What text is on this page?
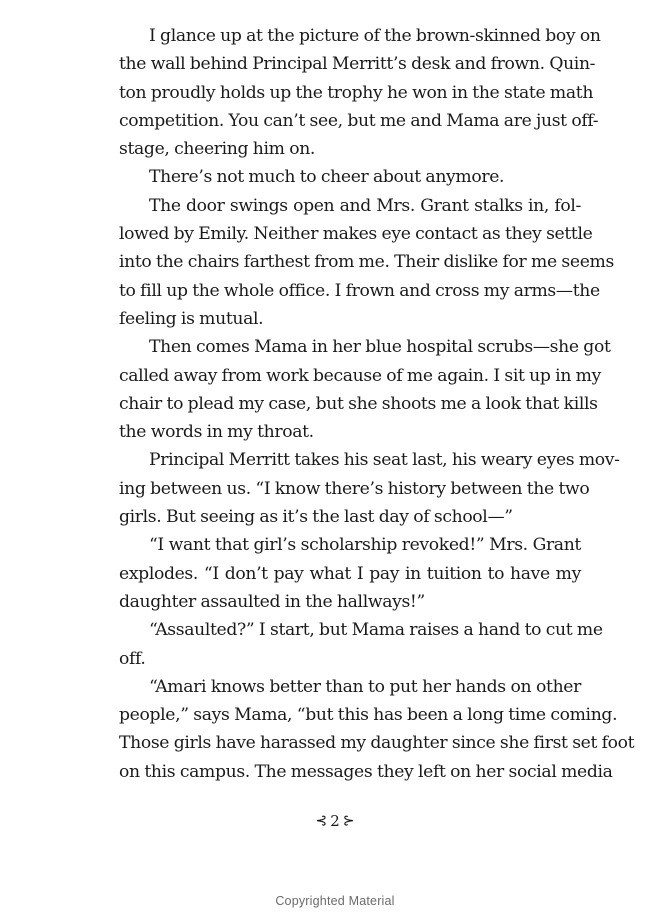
I glance up at the picture of the brown-skinned boy on
the wall behind Principal Merritt’s desk and frown. Quin-
ton proudly holds up the trophy he won in the state math
competition. You can’t see, but me and Mama are just off-
stage, cheering him on.
There’s not much to cheer about anymore.
The door swings open and Mrs. Grant stalks in, fol-
lowed by Emily. Neither makes eye contact as they settle
into the chairs farthest from me. Their dislike for me seems
to fill up the whole office. I frown and cross my arms—the
feeling is mutual.
Then comes Mama in her blue hospital scrubs—she got
called away from work because of me again. I sit up in my
chair to plead my case, but she shoots me a look that kills
the words in my throat.
Principal Merritt takes his seat last, his weary eyes mov-
ing between us. “I know there’s history between the two
girls. But seeing as it’s the last day of school—”
“I want that girl’s scholarship revoked!” Mrs. Grant
explodes. “I don’t pay what I pay in tuition to have my
daughter assaulted in the hallways!”
“Assaulted?” I start, but Mama raises a hand to cut me
off.
“Amari knows better than to put her hands on other
people,” says Mama, “but this has been a long time coming.
Those girls have harassed my daughter since she first set foot
on this campus. The messages they left on her social media
⊰ 2 ⊱
Copyrighted Material
